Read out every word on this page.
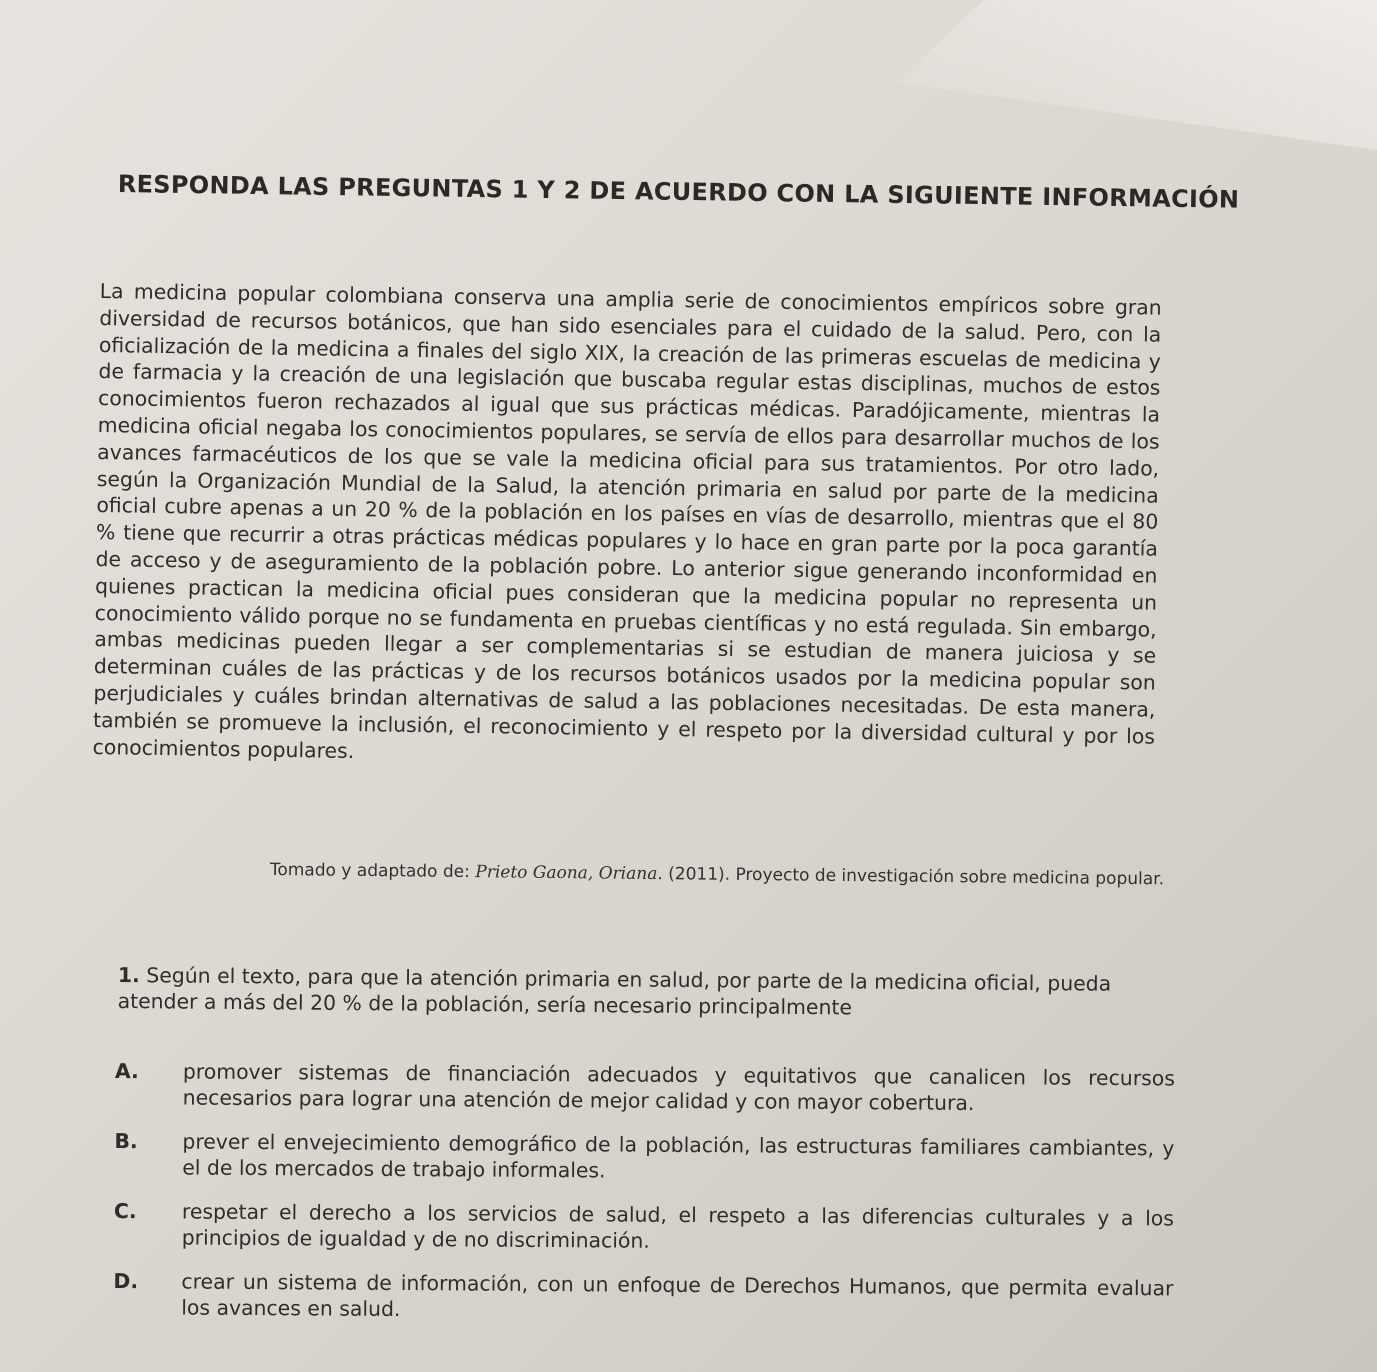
RESPONDA LAS PREGUNTAS 1 Y 2 DE ACUERDO CON LA SIGUIENTE INFORMACIÓN
La medicina popular colombiana conserva una amplia serie de conocimientos empíricos sobre gran diversidad de recursos botánicos, que han sido esenciales para el cuidado de la salud. Pero, con la oficialización de la medicina a finales del siglo XIX, la creación de las primeras escuelas de medicina y de farmacia y la creación de una legislación que buscaba regular estas disciplinas, muchos de estos conocimientos fueron rechazados al igual que sus prácticas médicas. Paradójicamente, mientras la medicina oficial negaba los conocimientos populares, se servía de ellos para desarrollar muchos de los avances farmacéuticos de los que se vale la medicina oficial para sus tratamientos. Por otro lado, según la Organización Mundial de la Salud, la atención primaria en salud por parte de la medicina oficial cubre apenas a un 20 % de la población en los países en vías de desarrollo, mientras que el 80 % tiene que recurrir a otras prácticas médicas populares y lo hace en gran parte por la poca garantía de acceso y de aseguramiento de la población pobre. Lo anterior sigue generando inconformidad en quienes practican la medicina oficial pues consideran que la medicina popular no representa un conocimiento válido porque no se fundamenta en pruebas científicas y no está regulada. Sin embargo, ambas medicinas pueden llegar a ser complementarias si se estudian de manera juiciosa y se determinan cuáles de las prácticas y de los recursos botánicos usados por la medicina popular son perjudiciales y cuáles brindan alternativas de salud a las poblaciones necesitadas. De esta manera, también se promueve la inclusión, el reconocimiento y el respeto por la diversidad cultural y por los conocimientos populares.
Tomado y adaptado de: Prieto Gaona, Oriana. (2011). Proyecto de investigación sobre medicina popular.
1. Según el texto, para que la atención primaria en salud, por parte de la medicina oficial, pueda atender a más del 20 % de la población, sería necesario principalmente
A. promover sistemas de financiación adecuados y equitativos que canalicen los recursos necesarios para lograr una atención de mejor calidad y con mayor cobertura.
B. prever el envejecimiento demográfico de la población, las estructuras familiares cambiantes, y el de los mercados de trabajo informales.
C. respetar el derecho a los servicios de salud, el respeto a las diferencias culturales y a los principios de igualdad y de no discriminación.
D. crear un sistema de información, con un enfoque de Derechos Humanos, que permita evaluar los avances en salud.
